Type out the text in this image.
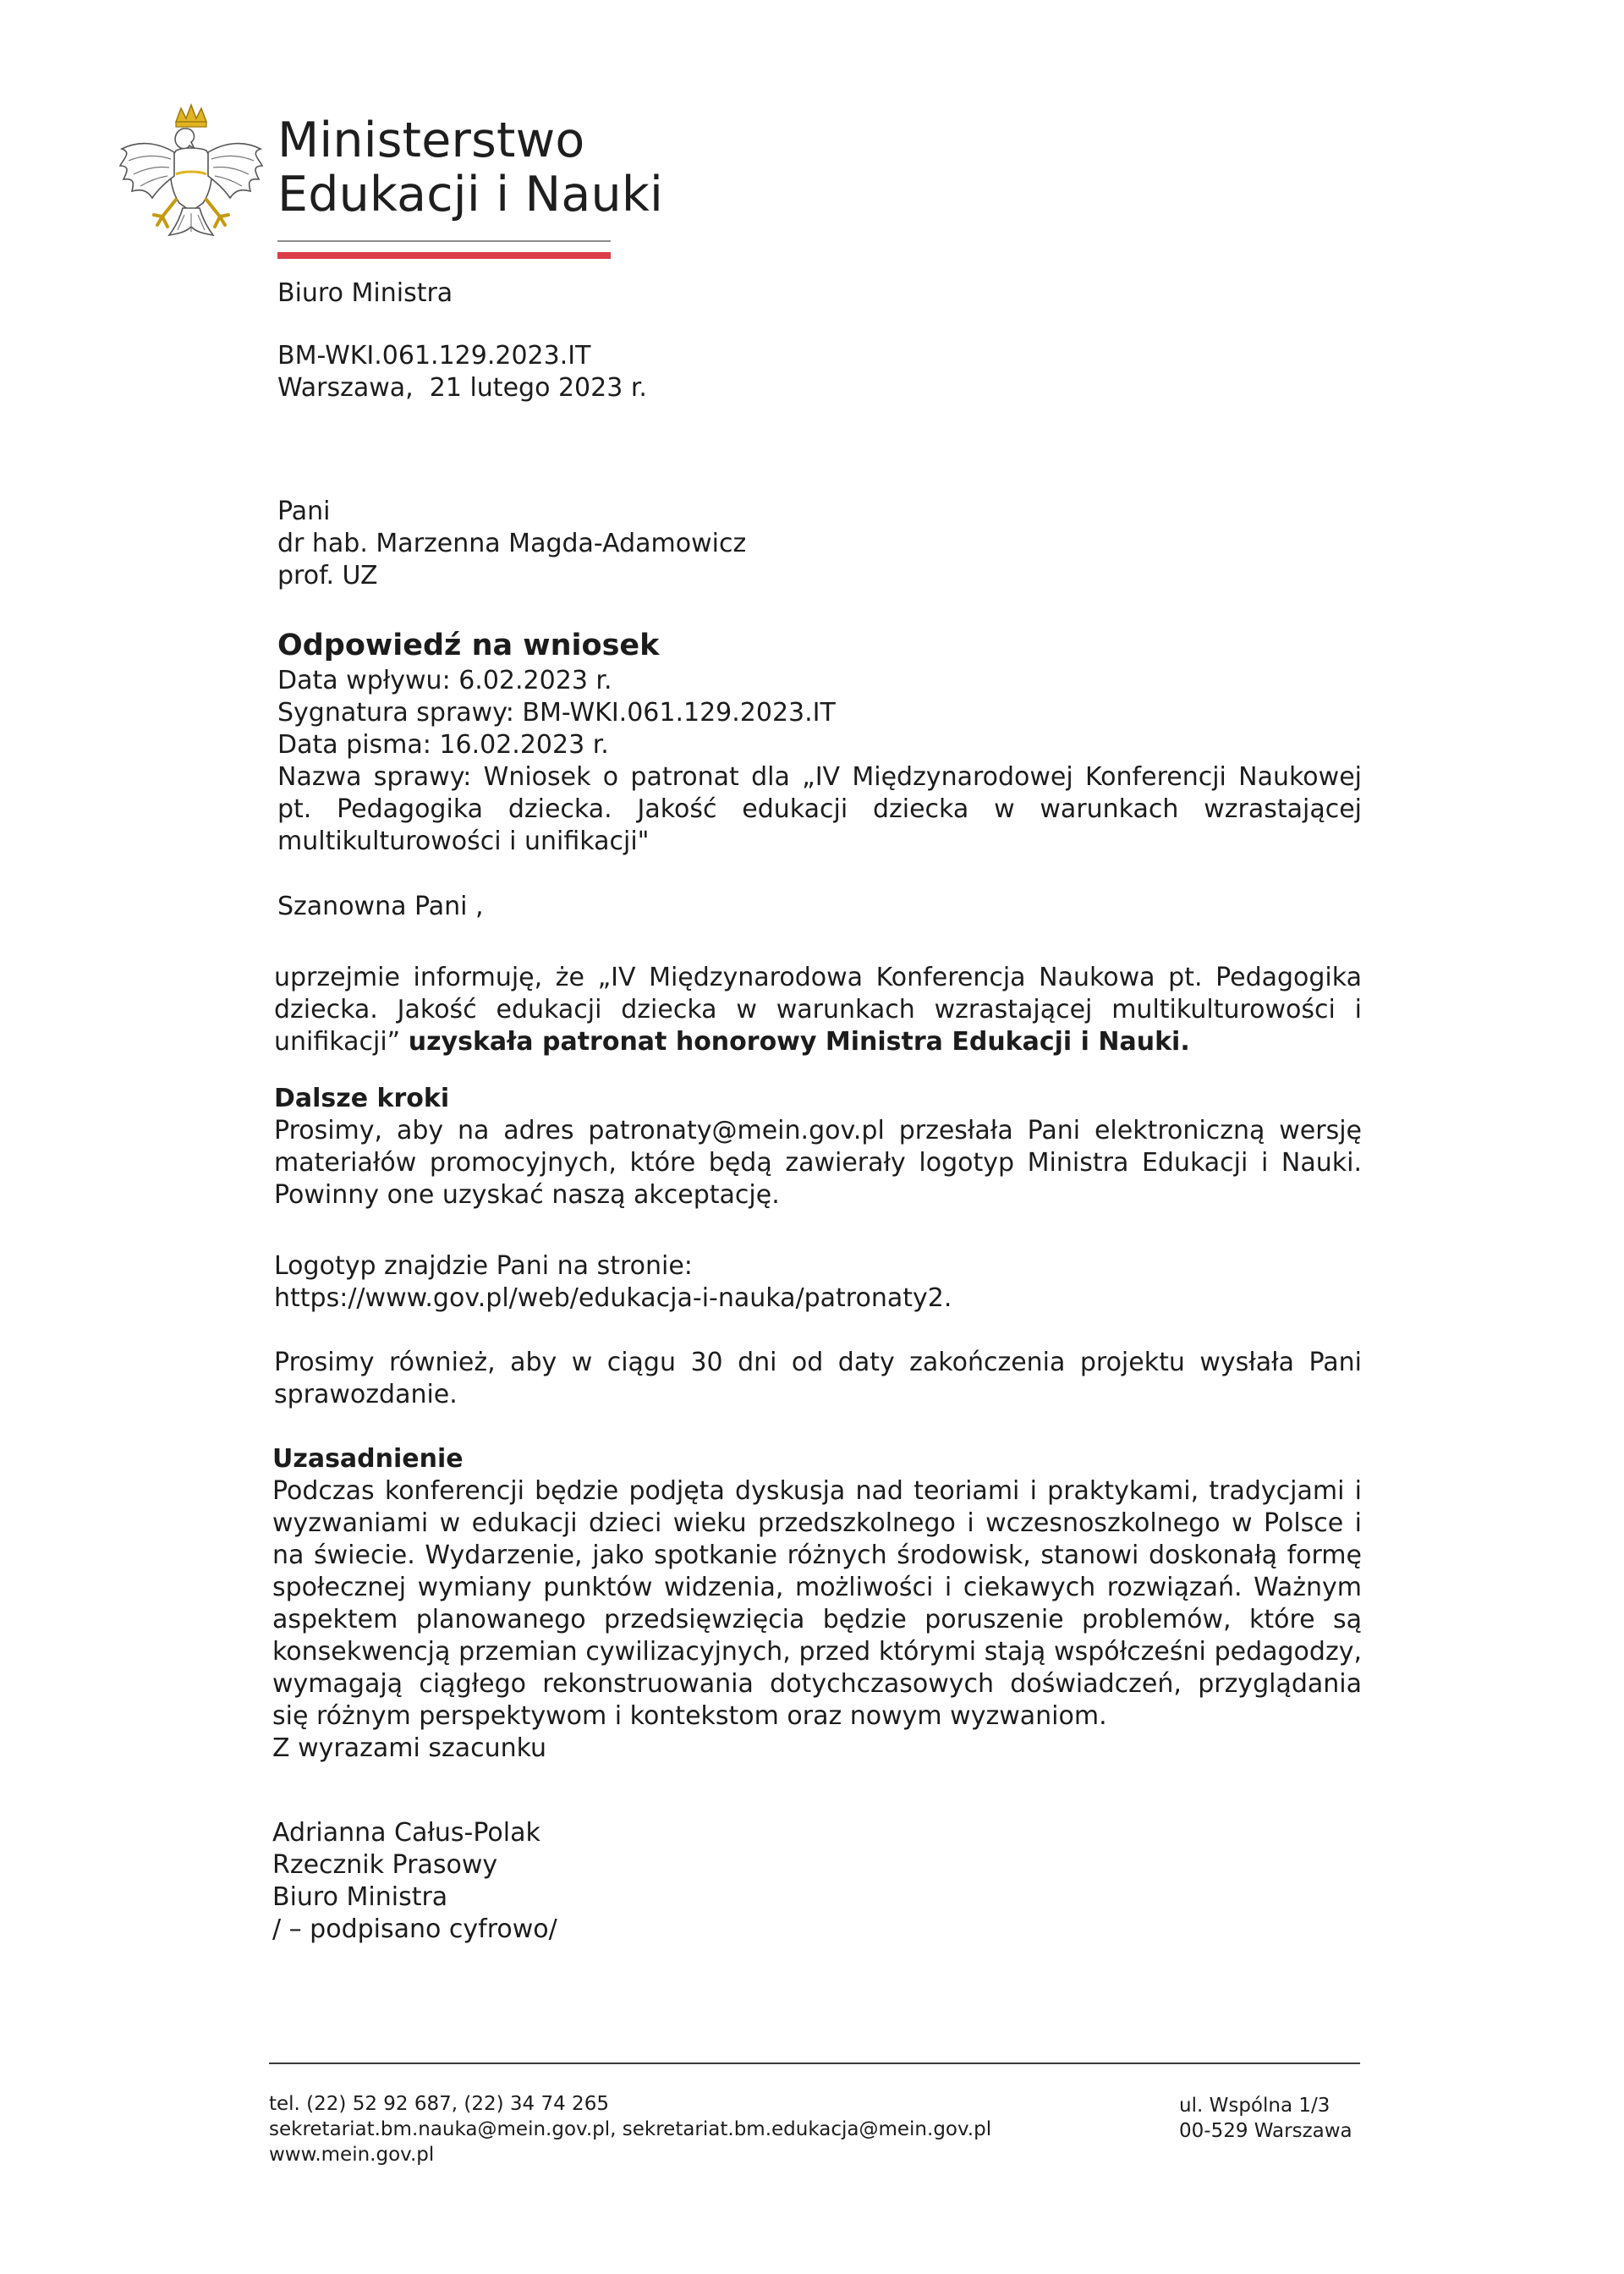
Ministerstwo
Edukacji i Nauki
Biuro Ministra
BM-WKI.061.129.2023.IT
Warszawa,  21 lutego 2023 r.
Pani
dr hab. Marzenna Magda-Adamowicz
prof. UZ
Odpowiedź na wniosek
Data wpływu: 6.02.2023 r.
Sygnatura sprawy: BM-WKI.061.129.2023.IT
Data pisma: 16.02.2023 r.
Nazwa sprawy: Wniosek o patronat dla „IV Międzynarodowej Konferencji Naukowej
pt. Pedagogika dziecka. Jakość edukacji dziecka w warunkach wzrastającej
multikulturowości i unifikacji"
Szanowna Pani ,

uprzejmie informuję, że „IV Międzynarodowa Konferencja Naukowa pt. Pedagogika dziecka. Jakość edukacji dziecka w warunkach wzrastającej multikulturowości i unifikacji” uzyskała patronat honorowy Ministra Edukacji i Nauki.

Dalsze kroki

Prosimy, aby na adres patronaty@mein.gov.pl przesłała Pani elektroniczną wersję materiałów promocyjnych, które będą zawierały logotyp Ministra Edukacji i Nauki. Powinny one uzyskać naszą akceptację.

Logotyp znajdzie Pani na stronie:
https://www.gov.pl/web/edukacja-i-nauka/patronaty2.

Prosimy również, aby w ciągu 30 dni od daty zakończenia projektu wysłała Pani sprawozdanie.

Uzasadnienie

Podczas konferencji będzie podjęta dyskusja nad teoriami i praktykami, tradycjami i wyzwaniami w edukacji dzieci wieku przedszkolnego i wczesnoszkolnego w Polsce i na świecie. Wydarzenie, jako spotkanie różnych środowisk, stanowi doskonałą formę społecznej wymiany punktów widzenia, możliwości i ciekawych rozwiązań. Ważnym aspektem planowanego przedsięwzięcia będzie poruszenie problemów, które są konsekwencją przemian cywilizacyjnych, przed którymi stają współcześni pedagodzy, wymagają ciągłego rekonstruowania dotychczasowych doświadczeń, przyglądania się różnym perspektywom i kontekstom oraz nowym wyzwaniom.

Z wyrazami szacunku
Adrianna Całus-Polak
Rzecznik Prasowy
Biuro Ministra
/ – podpisano cyfrowo/
tel. (22) 52 92 687, (22) 34 74 265
sekretariat.bm.nauka@mein.gov.pl, sekretariat.bm.edukacja@mein.gov.pl
www.mein.gov.pl
ul. Wspólna 1/3
00-529 Warszawa
